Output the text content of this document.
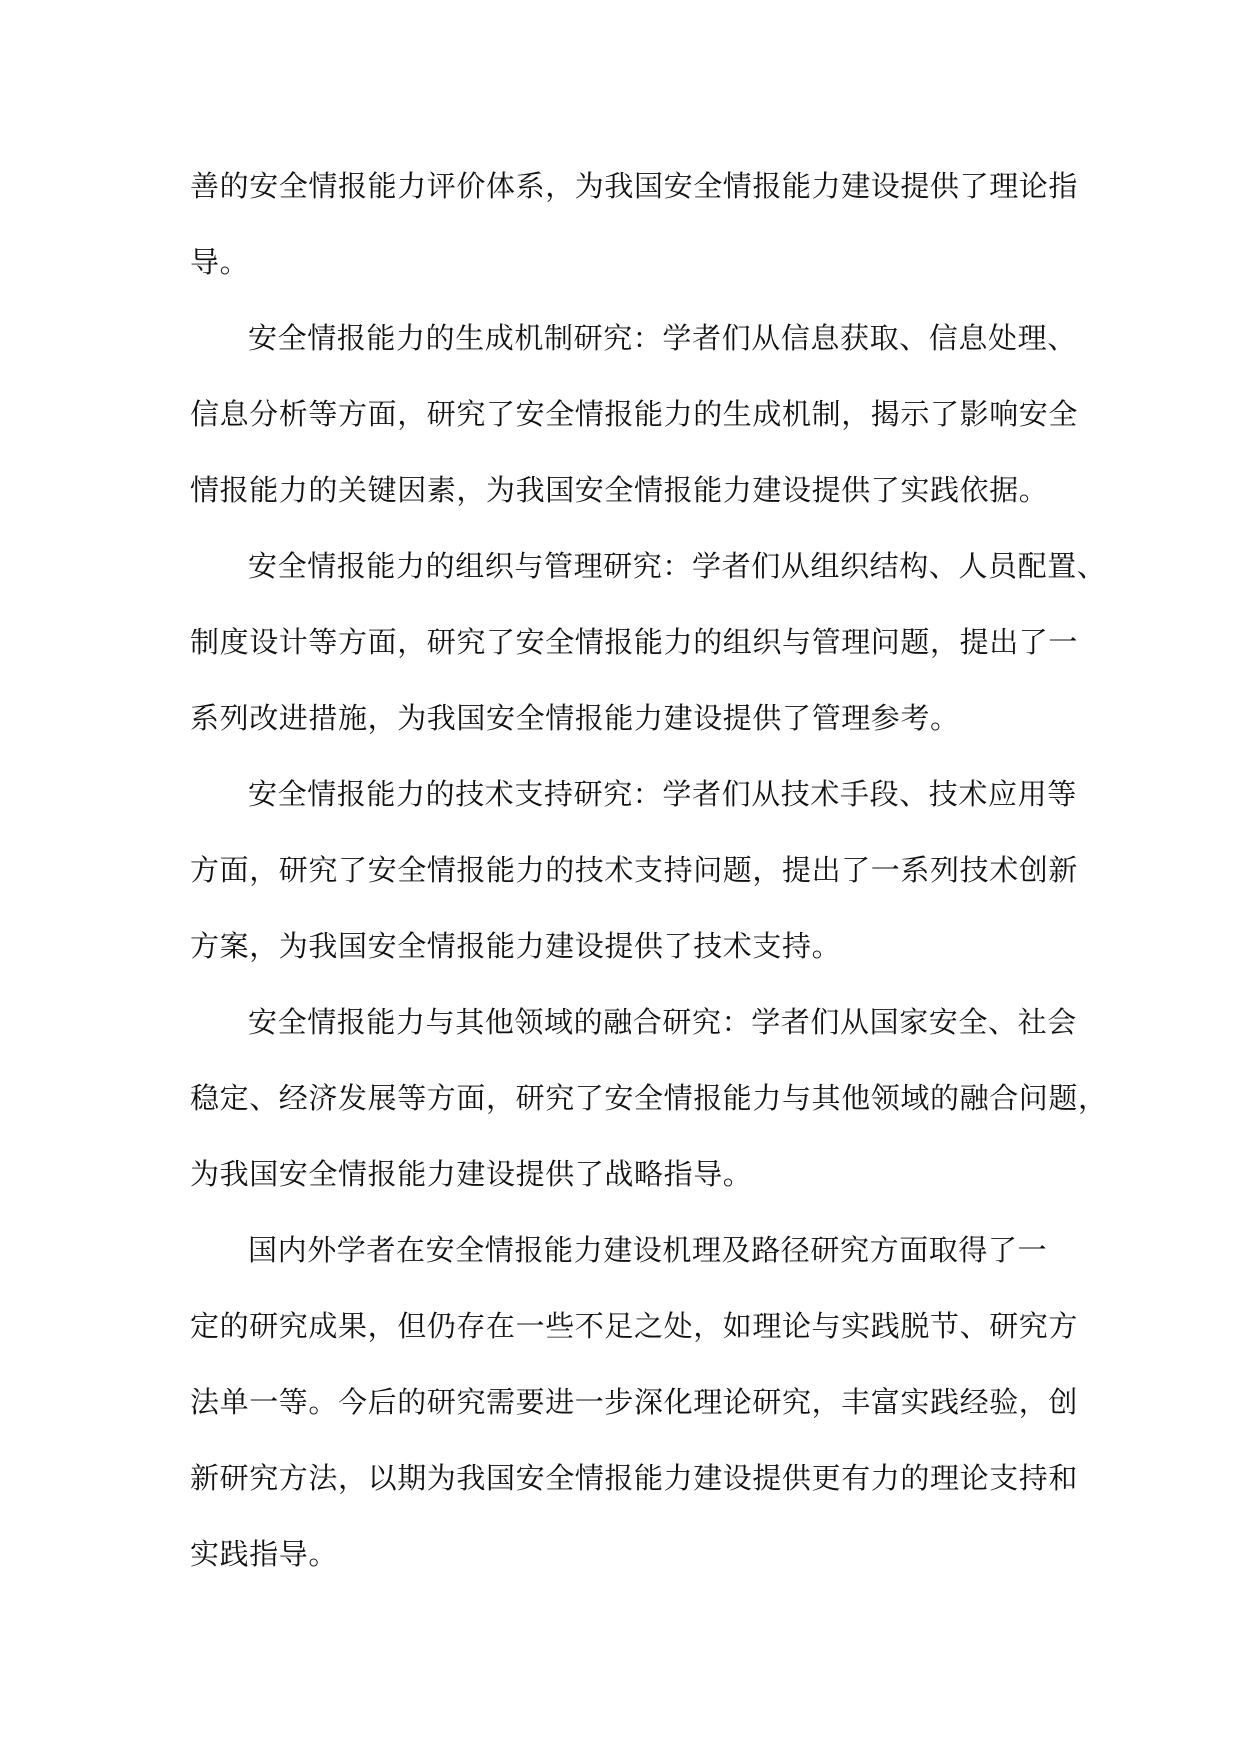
善的安全情报能力评价体系，为我国安全情报能力建设提供了理论指
导。

安全情报能力的生成机制研究：学者们从信息获取、信息处理、
信息分析等方面，研究了安全情报能力的生成机制，揭示了影响安全
情报能力的关键因素，为我国安全情报能力建设提供了实践依据。

安全情报能力的组织与管理研究：学者们从组织结构、人员配置、
制度设计等方面，研究了安全情报能力的组织与管理问题，提出了一
系列改进措施，为我国安全情报能力建设提供了管理参考。

安全情报能力的技术支持研究：学者们从技术手段、技术应用等
方面，研究了安全情报能力的技术支持问题，提出了一系列技术创新
方案，为我国安全情报能力建设提供了技术支持。

安全情报能力与其他领域的融合研究：学者们从国家安全、社会
稳定、经济发展等方面，研究了安全情报能力与其他领域的融合问题，
为我国安全情报能力建设提供了战略指导。

国内外学者在安全情报能力建设机理及路径研究方面取得了一
定的研究成果，但仍存在一些不足之处，如理论与实践脱节、研究方
法单一等。今后的研究需要进一步深化理论研究，丰富实践经验，创
新研究方法，以期为我国安全情报能力建设提供更有力的理论支持和
实践指导。
